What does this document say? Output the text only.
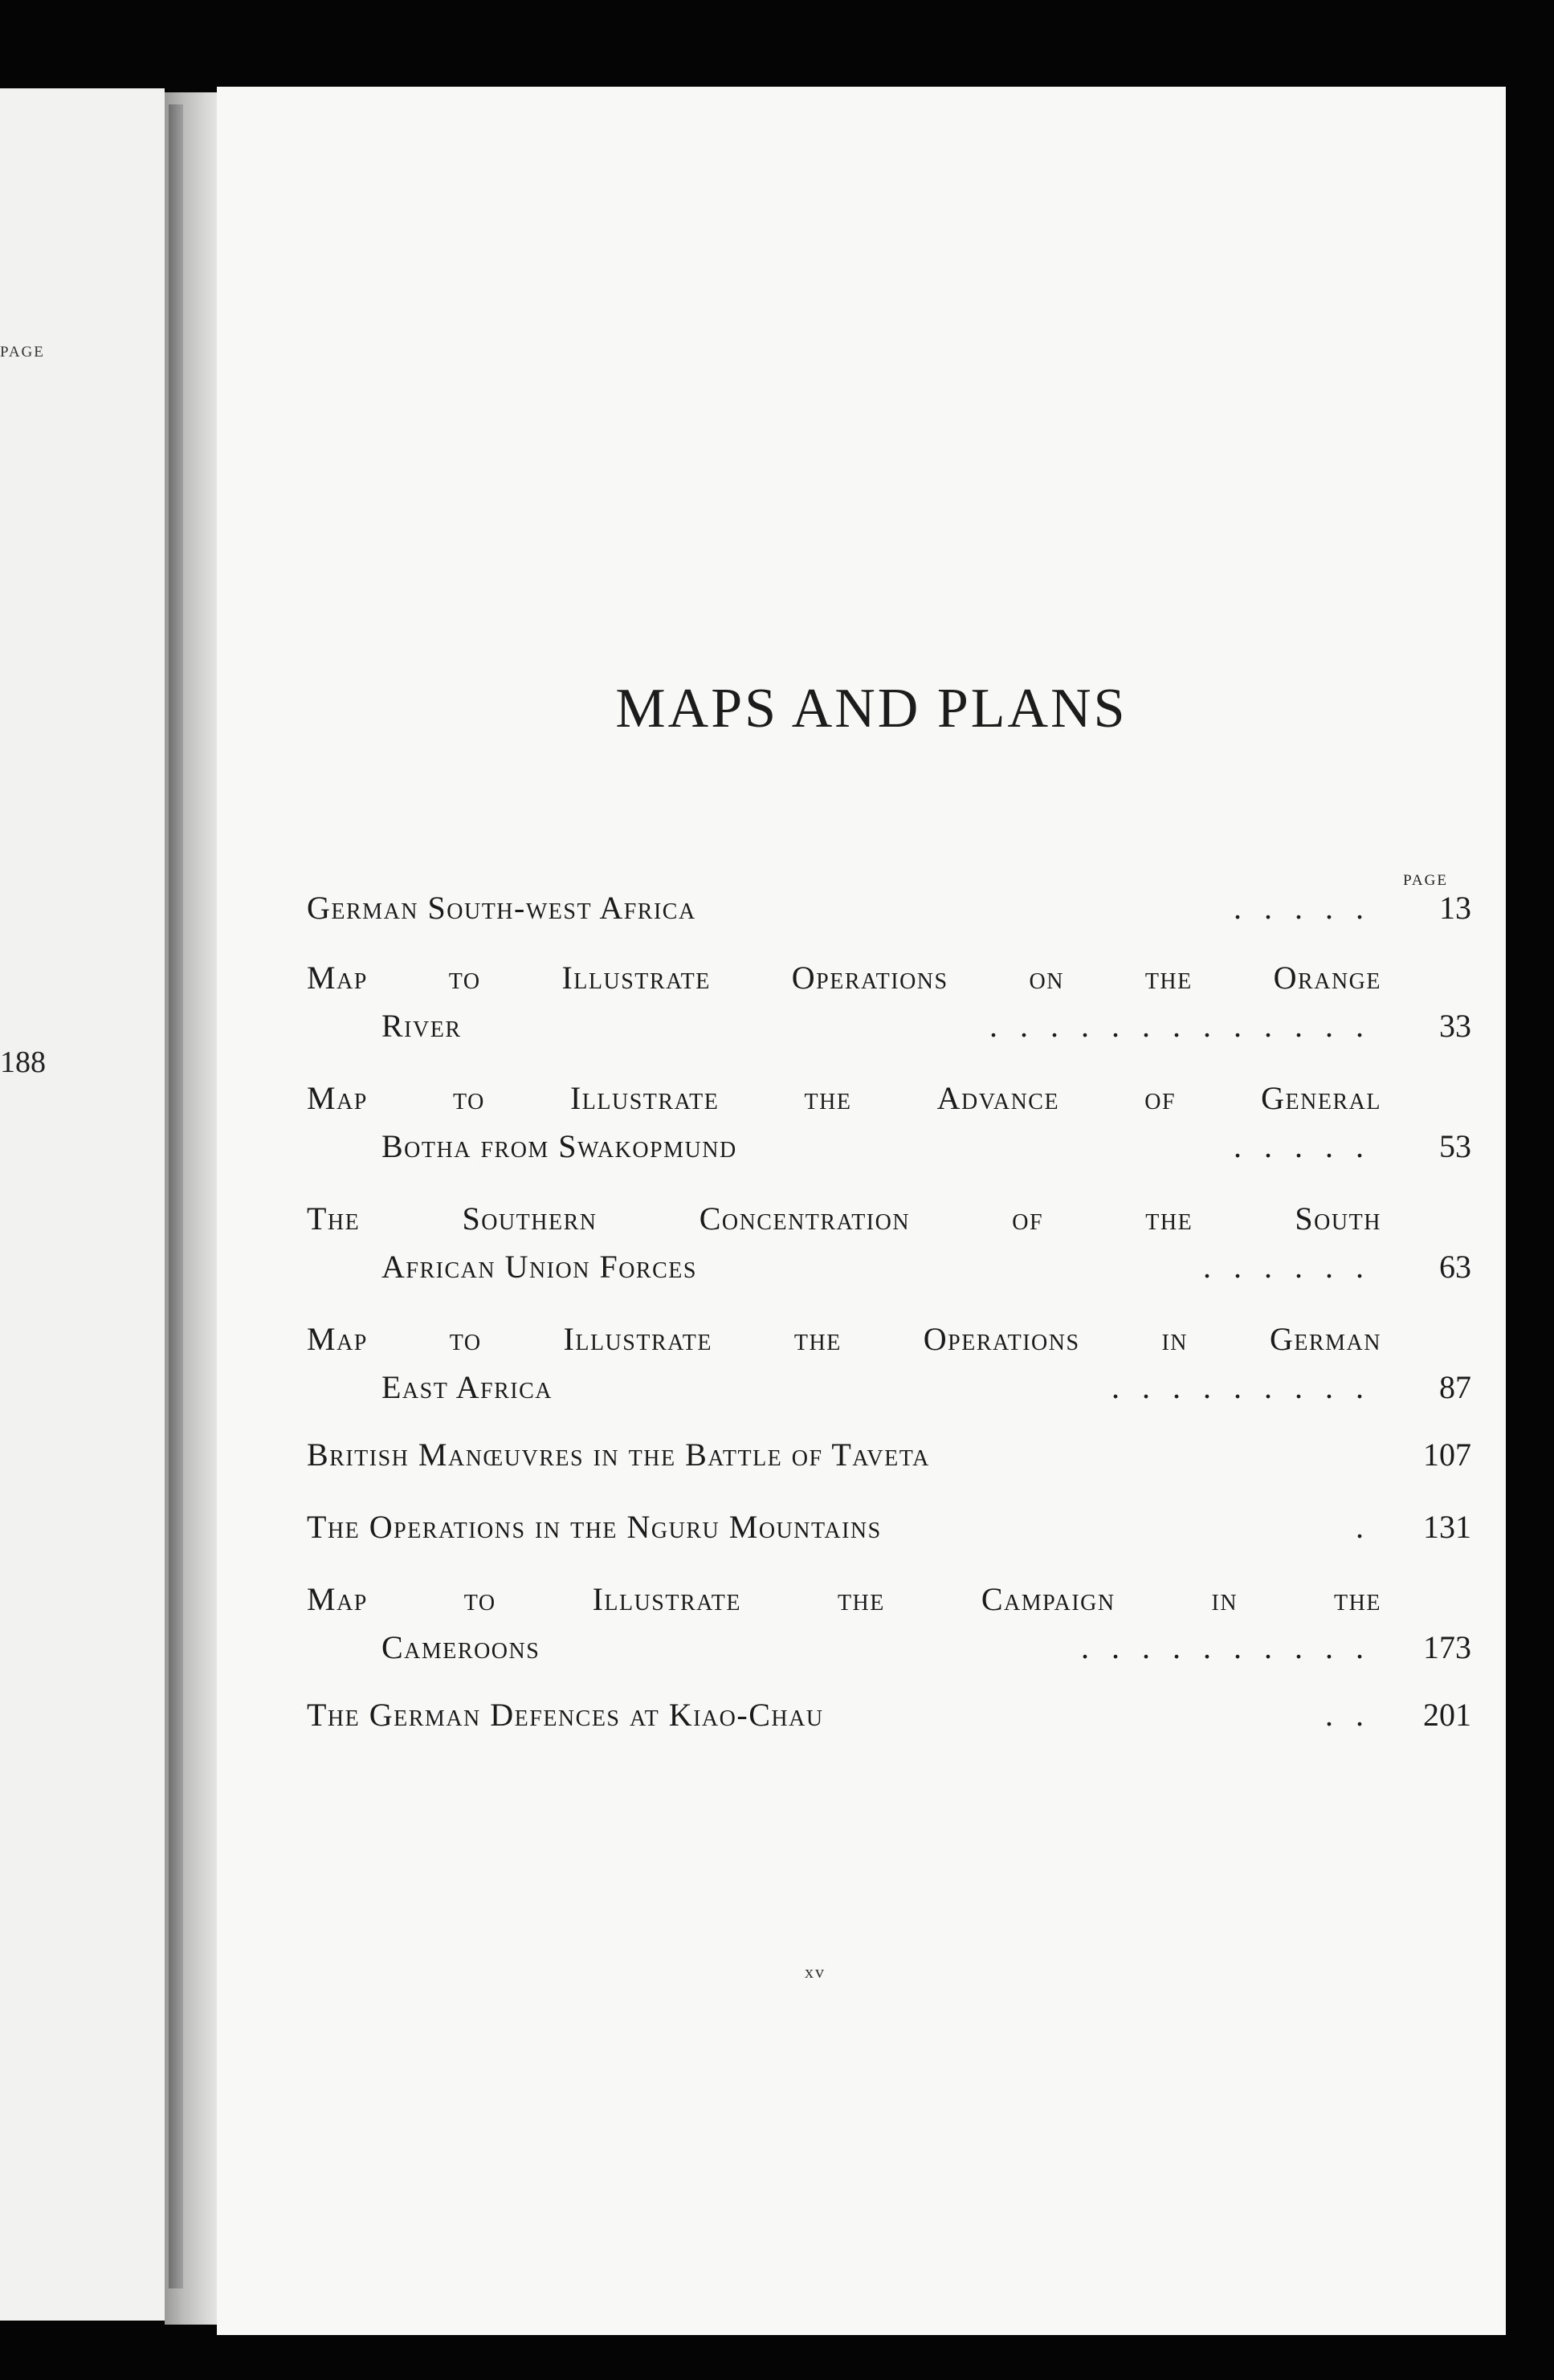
PAGE
188
MAPS AND PLANS
PAGE
German South-west Africa	.....	13
Map	to	Illustrate	Operations	on	the	Orange
River	.............	33
Map	to	Illustrate	the	Advance	of	General
Botha from Swakopmund	.....	53
The	Southern	Concentration	of	the	South
African Union Forces	......	63
Map	to	Illustrate	the	Operations	in	German
East Africa	.........	87
British Manœuvres in the Battle of Taveta	107
The Operations in the Nguru Mountains	.	131
Map	to	Illustrate	the	Campaign	in	the
Cameroons	..........	173
The German Defences at Kiao-Chau	..	201
xv
